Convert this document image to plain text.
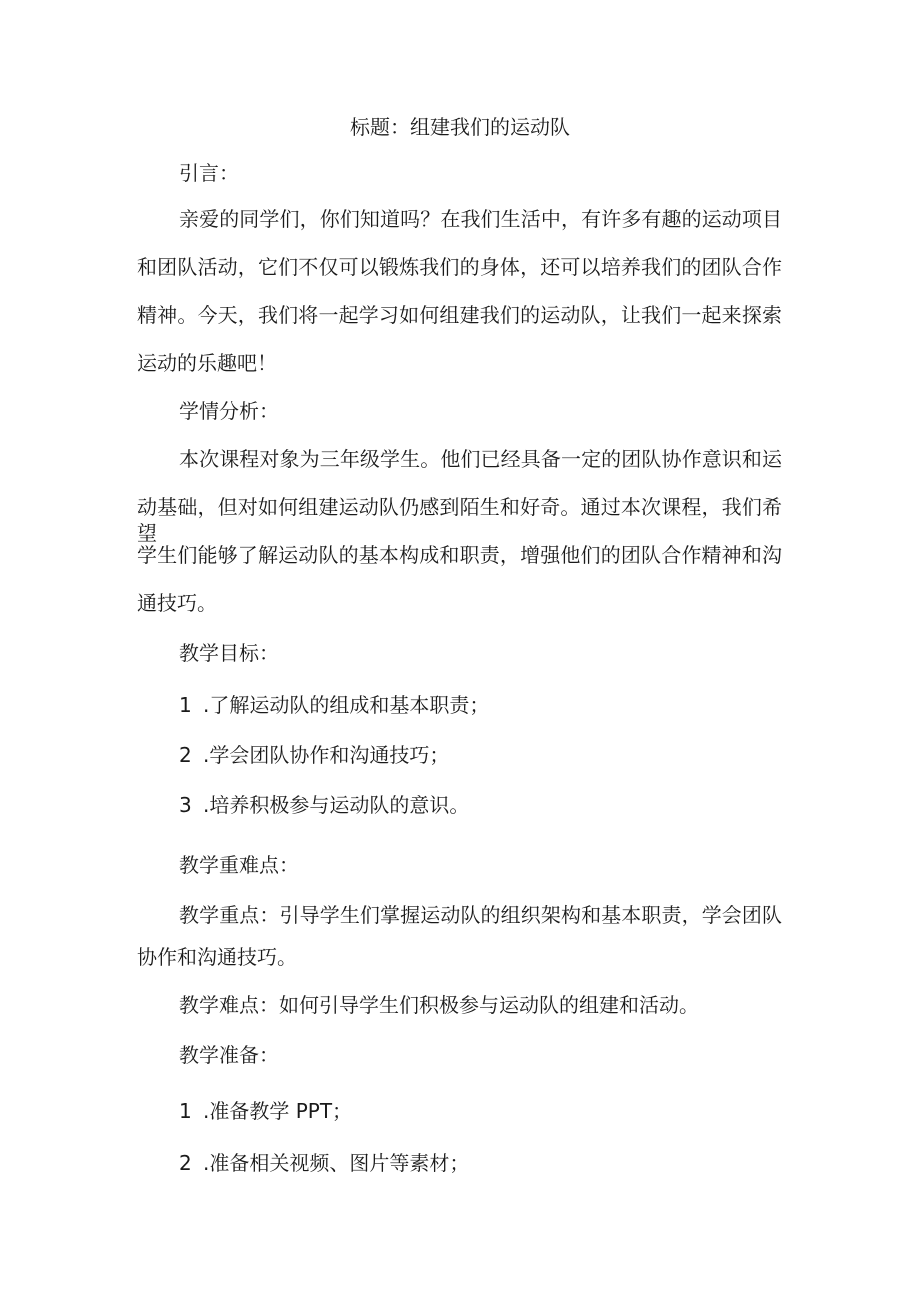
标题：组建我们的运动队
引言：
亲爱的同学们，你们知道吗？在我们生活中，有许多有趣的运动项目
和团队活动，它们不仅可以锻炼我们的身体，还可以培养我们的团队合作
精神。今天，我们将一起学习如何组建我们的运动队，让我们一起来探索
运动的乐趣吧！
学情分析：
本次课程对象为三年级学生。他们已经具备一定的团队协作意识和运
动基础，但对如何组建运动队仍感到陌生和好奇。通过本次课程，我们希望
学生们能够了解运动队的基本构成和职责，增强他们的团队合作精神和沟
通技巧。
教学目标：
1 .了解运动队的组成和基本职责；
2 .学会团队协作和沟通技巧；
3 .培养积极参与运动队的意识。
教学重难点：
教学重点：引导学生们掌握运动队的组织架构和基本职责，学会团队
协作和沟通技巧。
教学难点：如何引导学生们积极参与运动队的组建和活动。
教学准备：
1 .准备教学 PPT；
2 .准备相关视频、图片等素材；
